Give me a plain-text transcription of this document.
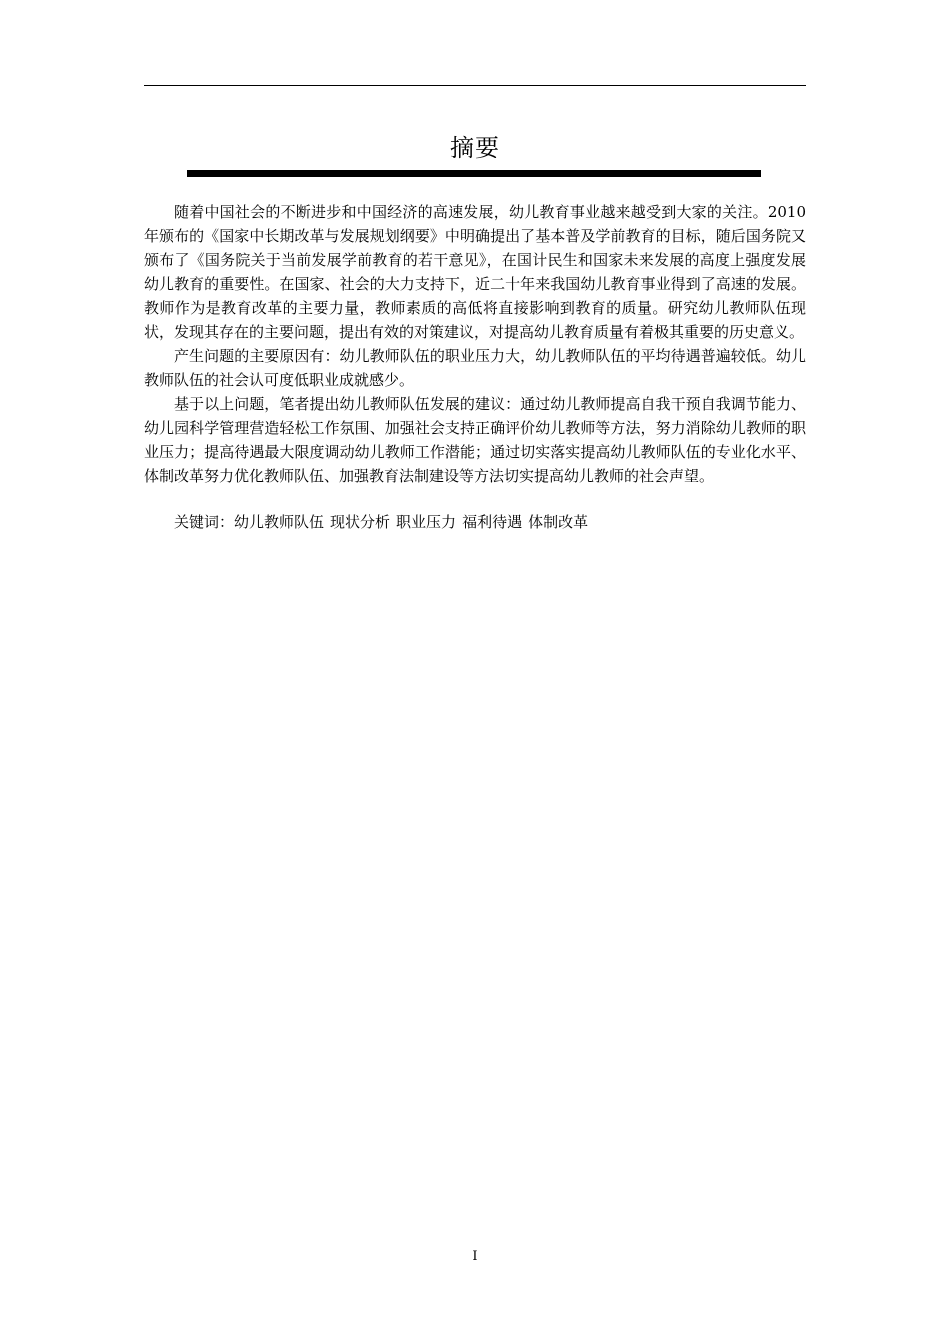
摘要

随着中国社会的不断进步和中国经济的高速发展，幼儿教育事业越来越受到大家的关注。2010年颁布的《国家中长期改革与发展规划纲要》中明确提出了基本普及学前教育的目标，随后国务院又颁布了《国务院关于当前发展学前教育的若干意见》，在国计民生和国家未来发展的高度上强度发展幼儿教育的重要性。在国家、社会的大力支持下，近二十年来我国幼儿教育事业得到了高速的发展。教师作为是教育改革的主要力量，教师素质的高低将直接影响到教育的质量。研究幼儿教师队伍现状，发现其存在的主要问题，提出有效的对策建议，对提高幼儿教育质量有着极其重要的历史意义。

产生问题的主要原因有：幼儿教师队伍的职业压力大，幼儿教师队伍的平均待遇普遍较低。幼儿教师队伍的社会认可度低职业成就感少。

基于以上问题，笔者提出幼儿教师队伍发展的建议：通过幼儿教师提高自我干预自我调节能力、幼儿园科学管理营造轻松工作氛围、加强社会支持正确评价幼儿教师等方法，努力消除幼儿教师的职业压力；提高待遇最大限度调动幼儿教师工作潜能；通过切实落实提高幼儿教师队伍的专业化水平、体制改革努力优化教师队伍、加强教育法制建设等方法切实提高幼儿教师的社会声望。

关键词：幼儿教师队伍 现状分析 职业压力 福利待遇 体制改革

I
